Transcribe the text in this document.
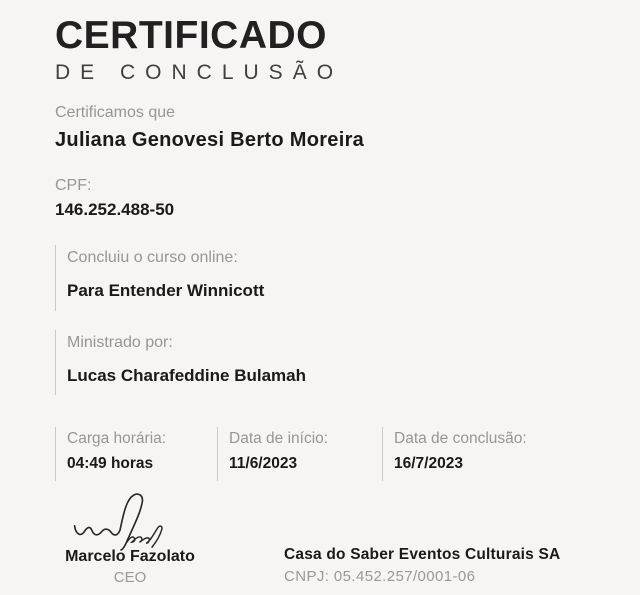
CERTIFICADO
DE CONCLUSÃO
Certificamos que
Juliana Genovesi Berto Moreira
CPF:
146.252.488-50
Concluiu o curso online:
Para Entender Winnicott
Ministrado por:
Lucas Charafeddine Bulamah
Carga horária:
04:49 horas
Data de início:
11/6/2023
Data de conclusão:
16/7/2023
Marcelo Fazolato
CEO
Casa do Saber Eventos Culturais SA
CNPJ: 05.452.257/0001-06
